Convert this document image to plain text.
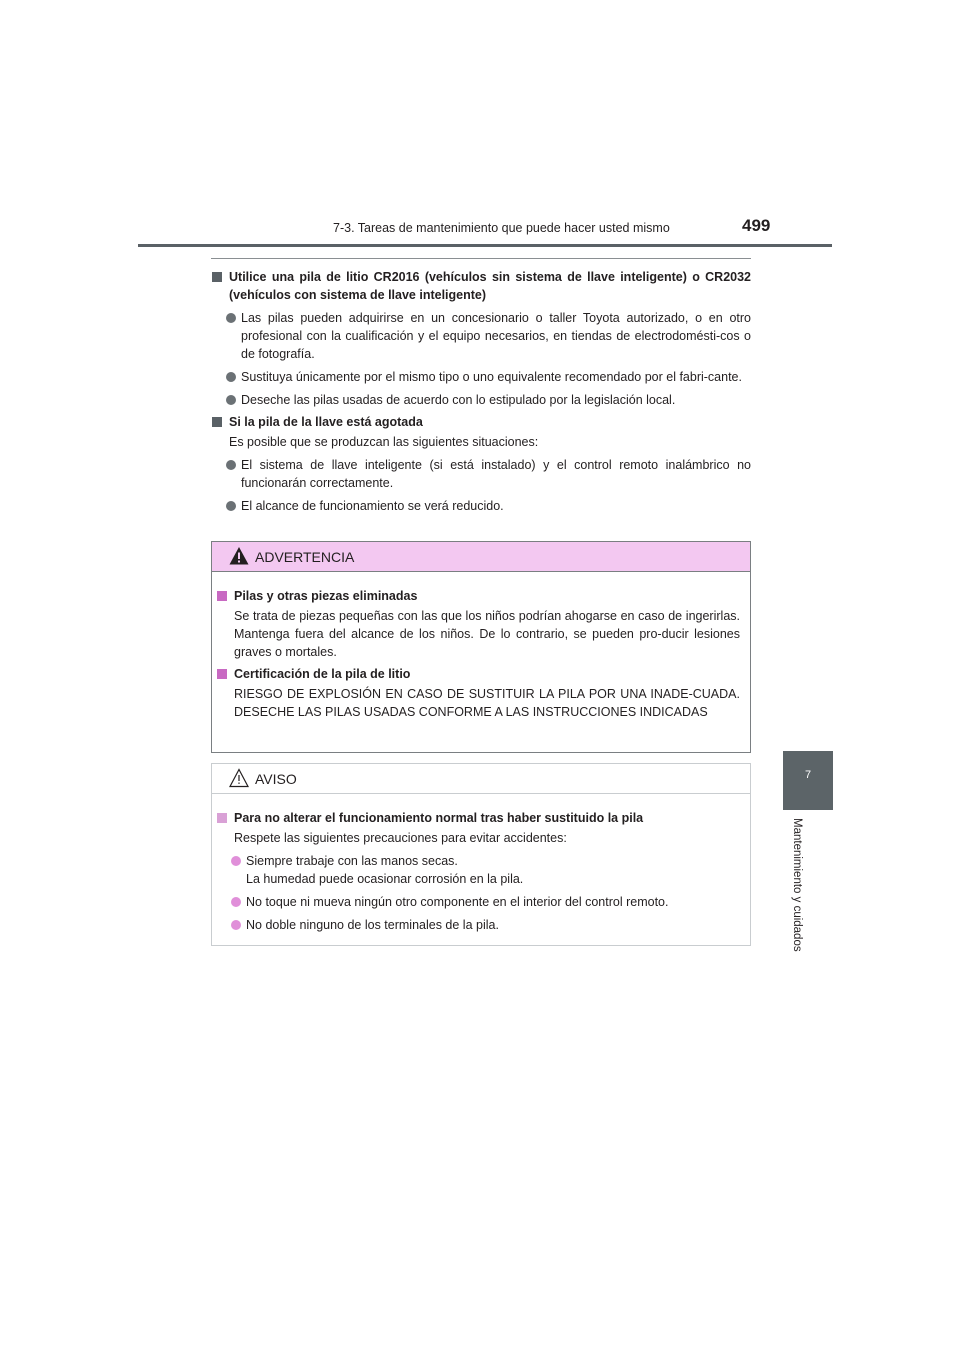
7-3. Tareas de mantenimiento que puede hacer usted mismo	499
7
Mantenimiento y cuidados
Utilice una pila de litio CR2016 (vehículos sin sistema de llave inteligente) o CR2032 (vehículos con sistema de llave inteligente)
Las pilas pueden adquirirse en un concesionario o taller Toyota autorizado, o en otro profesional con la cualificación y el equipo necesarios, en tiendas de electrodomésti-cos o de fotografía.
Sustituya únicamente por el mismo tipo o uno equivalente recomendado por el fabri-cante.
Deseche las pilas usadas de acuerdo con lo estipulado por la legislación local.
Si la pila de la llave está agotada
Es posible que se produzcan las siguientes situaciones:
El sistema de llave inteligente (si está instalado) y el control remoto inalámbrico no funcionarán correctamente.
El alcance de funcionamiento se verá reducido.
ADVERTENCIA
Pilas y otras piezas eliminadas
Se trata de piezas pequeñas con las que los niños podrían ahogarse en caso de ingerirlas. Mantenga fuera del alcance de los niños. De lo contrario, se pueden pro-ducir lesiones graves o mortales.
Certificación de la pila de litio
RIESGO DE EXPLOSIÓN EN CASO DE SUSTITUIR LA PILA POR UNA INADE-CUADA. DESECHE LAS PILAS USADAS CONFORME A LAS INSTRUCCIONES INDICADAS
AVISO
Para no alterar el funcionamiento normal tras haber sustituido la pila
Respete las siguientes precauciones para evitar accidentes:
Siempre trabaje con las manos secas.
La humedad puede ocasionar corrosión en la pila.
No toque ni mueva ningún otro componente en el interior del control remoto.
No doble ninguno de los terminales de la pila.
